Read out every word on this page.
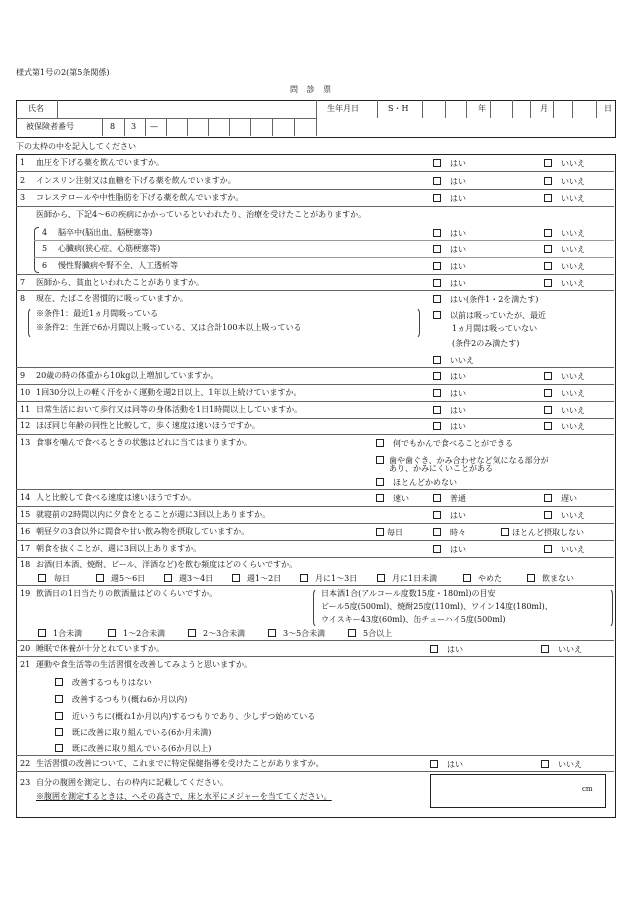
様式第1号の2(第5条関係)
問 診 票
氏名	生年月日	S・H	年	月	日
被保険者番号	8 3 —
下の太枠の中を記入してください
1 血圧を下げる薬を飲んでいますか。	はい	いいえ
2 インスリン注射又は血糖を下げる薬を飲んでいますか。	はい	いいえ
3 コレステロールや中性脂肪を下げる薬を飲んでいますか。	はい	いいえ
医師から、下記4～6の疾病にかかっているといわれたり、治療を受けたことがありますか。
4 脳卒中(脳出血、脳梗塞等)	はい	いいえ
5 心臓病(狭心症、心筋梗塞等)	はい	いいえ
6 慢性腎臓病や腎不全、人工透析等	はい	いいえ
7 医師から、貧血といわれたことがありますか。	はい	いいえ
8 現在、たばこを習慣的に吸っていますか。
※条件1：最近1ヵ月間吸っている
※条件2：生涯で6か月間以上吸っている、又は合計100本以上吸っている
はい(条件1・2を満たす)
以前は吸っていたが、最近
1ヵ月間は吸っていない
(条件2のみ満たす)
いいえ
9 20歳の時の体重から10kg以上増加していますか。	はい	いいえ
10 1回30分以上の軽く汗をかく運動を週2日以上、1年以上続けていますか。	はい	いいえ
11 日常生活において歩行又は同等の身体活動を1日1時間以上していますか。	はい	いいえ
12 ほぼ同じ年齢の同性と比較して、歩く速度は速いほうですか。	はい	いいえ
13 食事を噛んで食べるときの状態はどれに当てはまりますか。	何でもかんで食べることができる
歯や歯ぐき、かみ合わせなど気になる部分が
あり、かみにくいことがある
ほとんどかめない
14 人と比較して食べる速度は速いほうですか。	速い	普通	遅い
15 就寝前の2時間以内に夕食をとることが週に3回以上ありますか。	はい	いいえ
16 朝昼夕の3食以外に間食や甘い飲み物を摂取していますか。	毎日	時々	ほとんど摂取しない
17 朝食を抜くことが、週に3回以上ありますか。	はい	いいえ
18 お酒(日本酒、焼酎、ビール、洋酒など)を飲む頻度はどのくらいですか。
毎日	週5～6日	週3～4日	週1～2日	月に1～3日	月に1日未満	やめた	飲まない
19 飲酒日の1日当たりの飲酒量はどのくらいですか。	日本酒1合(アルコール度数15度・180ml)の目安
ビール5度(500ml)、焼酎25度(110ml)、ワイン14度(180ml)、
ウイスキー43度(60ml)、缶チューハイ5度(500ml)
1合未満	1～2合未満	2～3合未満	3～5合未満	5合以上
20 睡眠で休養が十分とれていますか。	はい	いいえ
21 運動や食生活等の生活習慣を改善してみようと思いますか。
改善するつもりはない
改善するつもり(概ね6か月以内)
近いうちに(概ね1か月以内)するつもりであり、少しずつ始めている
既に改善に取り組んでいる(6か月未満)
既に改善に取り組んでいる(6か月以上)
22 生活習慣の改善について、これまでに特定保健指導を受けたことがありますか。	はい	いいえ
23 自分の腹囲を測定し、右の枠内に記載してください。
※腹囲を測定するときは、へその高さで、床と水平にメジャーを当ててください。
cm
